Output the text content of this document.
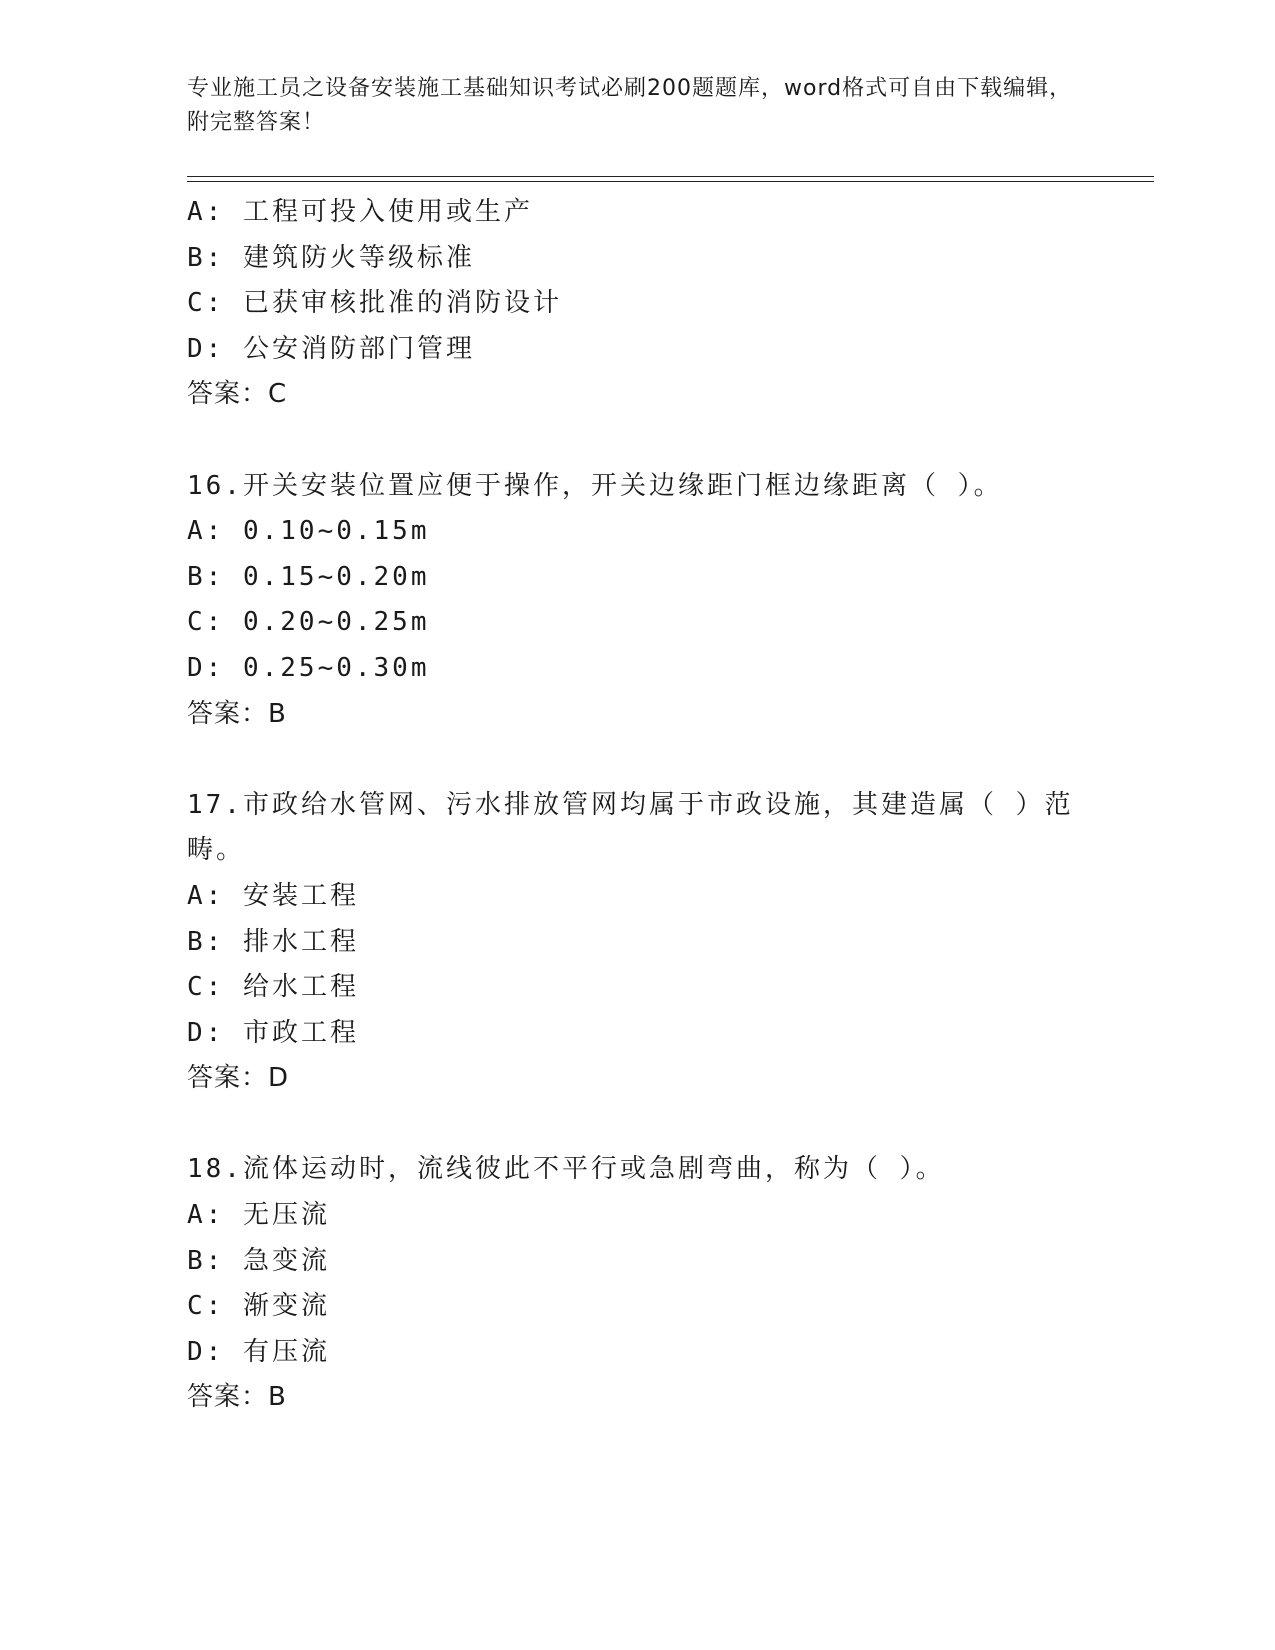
专业施工员之设备安装施工基础知识考试必刷200题题库，word格式可自由下载编辑，附完整答案！
A: 工程可投入使用或生产
B: 建筑防火等级标准
C: 已获审核批准的消防设计
D: 公安消防部门管理
答案：C
16.开关安装位置应便于操作，开关边缘距门框边缘距离（ ）。
A: 0.10~0.15m
B: 0.15~0.20m
C: 0.20~0.25m
D: 0.25~0.30m
答案：B
17.市政给水管网、污水排放管网均属于市政设施，其建造属（ ）范畴。
A: 安装工程
B: 排水工程
C: 给水工程
D: 市政工程
答案：D
18.流体运动时，流线彼此不平行或急剧弯曲，称为（ ）。
A: 无压流
B: 急变流
C: 渐变流
D: 有压流
答案：B
